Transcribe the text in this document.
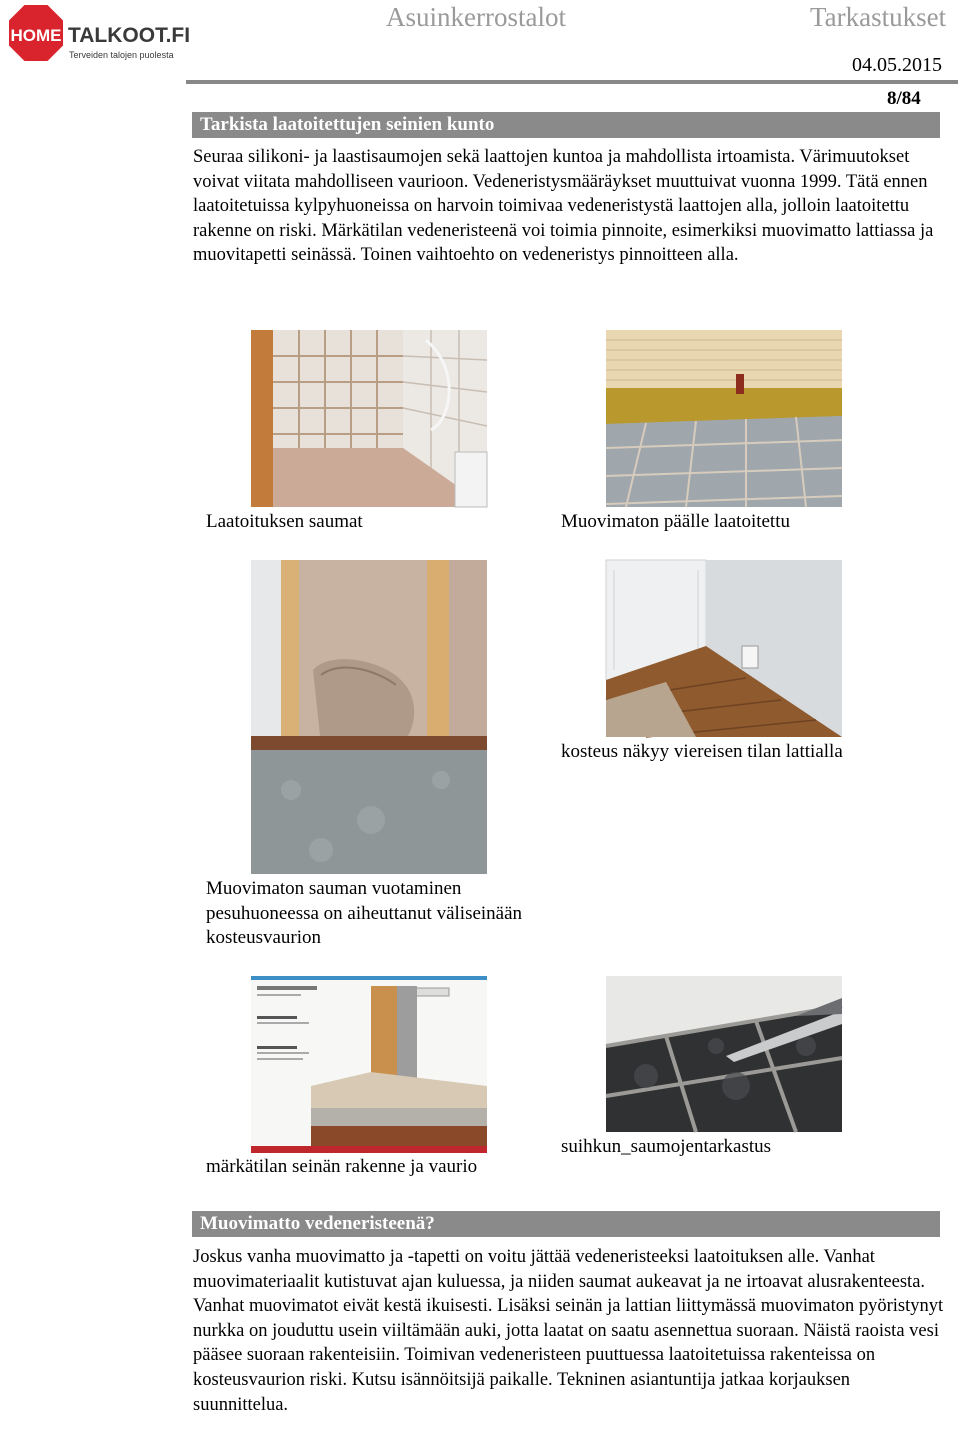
HOME TALKOOT.FI
Terveiden talojen puolesta
Asuinkerrostalot	Tarkastukset
04.05.2015
8/84
Tarkista laatoitettujen seinien kunto

Seuraa silikoni- ja laastisaumojen sekä laattojen kuntoa ja mahdollista irtoamista. Värimuutokset voivat viitata mahdolliseen vaurioon. Vedeneristysmääräykset muuttuivat vuonna 1999. Tätä ennen laatoitetuissa kylpyhuoneissa on harvoin toimivaa vedeneristystä laattojen alla, jolloin laatoitettu rakenne on riski. Märkätilan vedeneristeenä voi toimia pinnoite, esimerkiksi muovimatto lattiassa ja muovitapetti seinässä. Toinen vaihtoehto on vedeneristys pinnoitteen alla.

Laatoituksen saumat	Muovimaton päälle laatoitettu

Muovimaton sauman vuotaminen pesuhuoneessa on aiheuttanut väliseinään kosteusvaurion

kosteus näkyy viereisen tilan lattialla

märkätilan seinän rakenne ja vaurio

suihkun_saumojentarkastus

Muovimatto vedeneristeenä?

Joskus vanha muovimatto ja -tapetti on voitu jättää vedeneristeeksi laatoituksen alle. Vanhat muovimateriaalit kutistuvat ajan kuluessa, ja niiden saumat aukeavat ja ne irtoavat alusrakenteesta. Vanhat muovimatot eivät kestä ikuisesti. Lisäksi seinän ja lattian liittymässä muovimaton pyöristynyt nurkka on jouduttu usein viiltämään auki, jotta laatat on saatu asennettua suoraan. Näistä raoista vesi pääsee suoraan rakenteisiin. Toimivan vedeneristeen puuttuessa laatoitetuissa rakenteissa on kosteusvaurion riski. Kutsu isännöitsijä paikalle. Tekninen asiantuntija jatkaa korjauksen suunnittelua.
